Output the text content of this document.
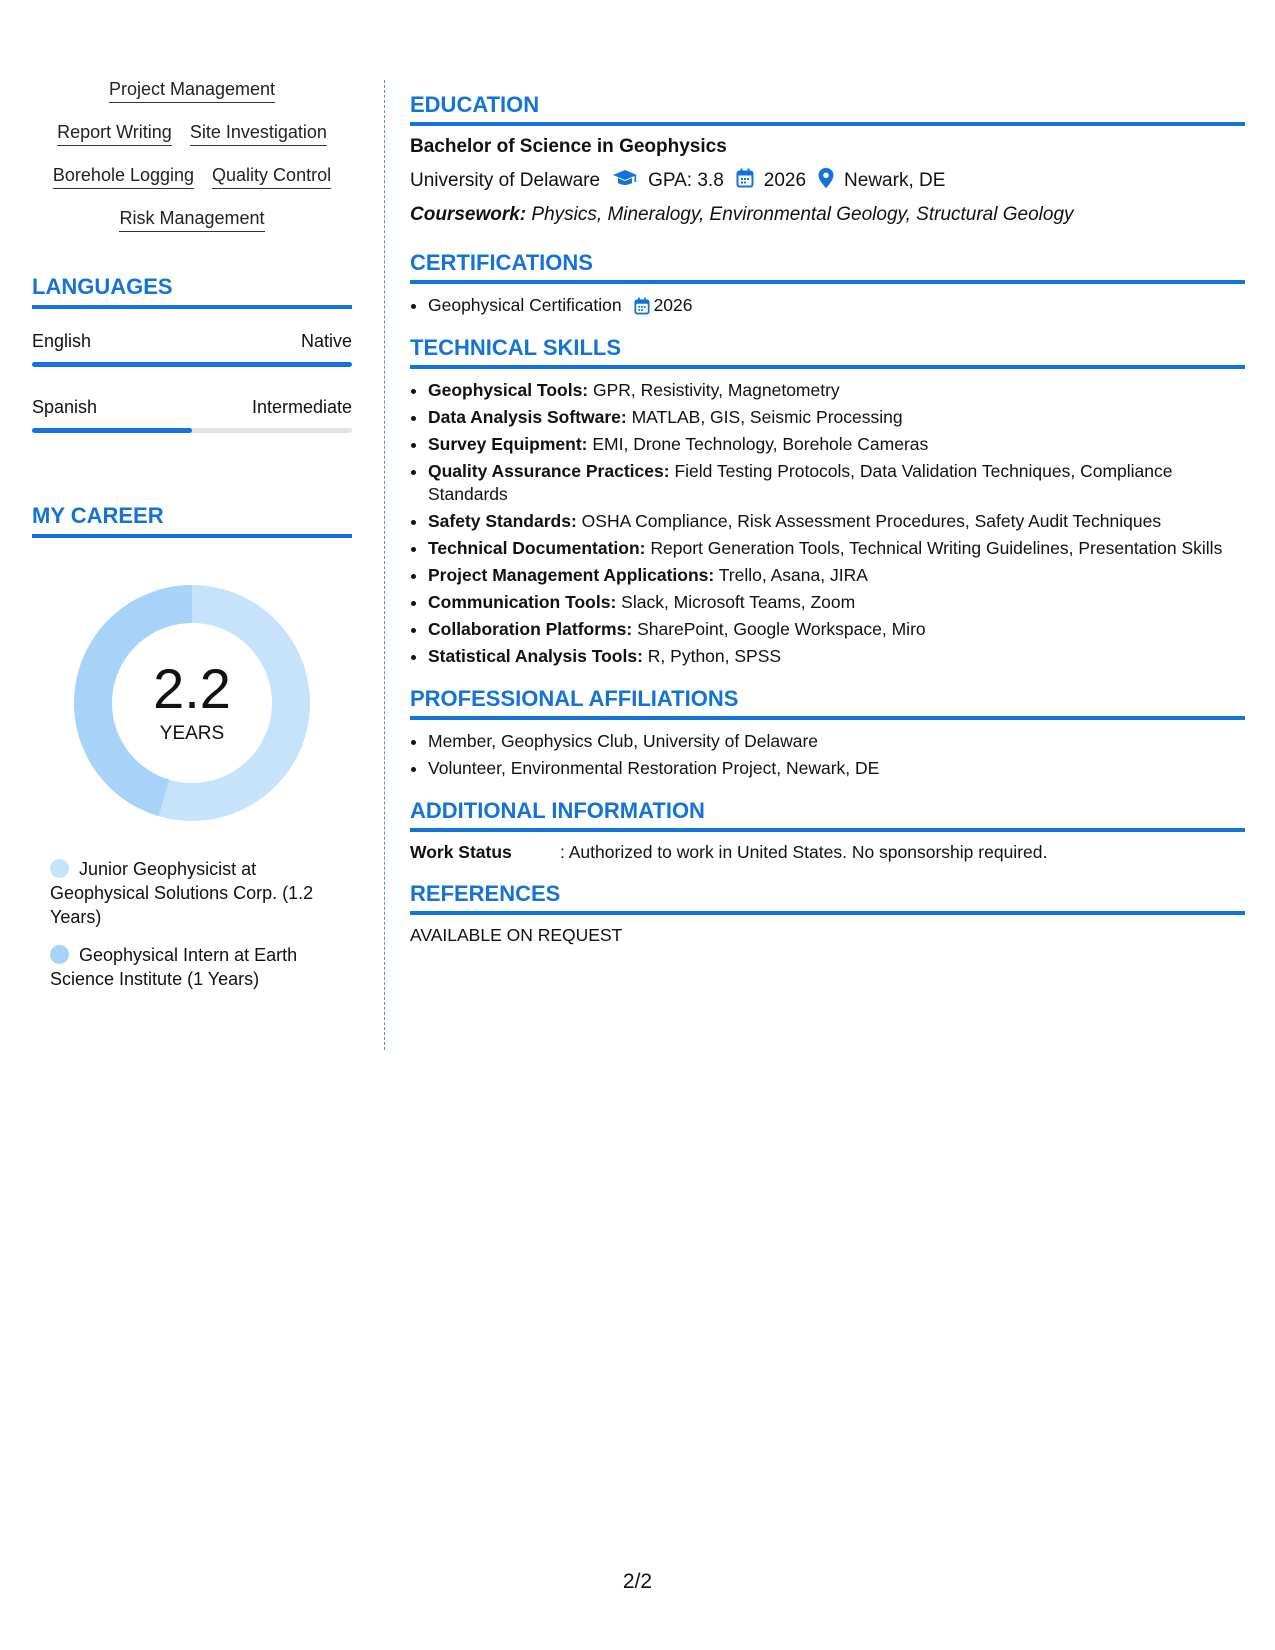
Project Management
Report Writing Site Investigation
Borehole Logging Quality Control
Risk Management
LANGUAGES
English	Native
Spanish	Intermediate
MY CAREER
2.2
YEARS
Junior Geophysicist at Geophysical Solutions Corp. (1.2 Years)
Geophysical Intern at Earth Science Institute (1 Years)
EDUCATION
Bachelor of Science in Geophysics
University of Delaware	GPA: 3.8 2026 Newark, DE
Coursework: Physics, Mineralogy, Environmental Geology, Structural Geology
CERTIFICATIONS
• Geophysical Certification 2026
TECHNICAL SKILLS
• Geophysical Tools: GPR, Resistivity, Magnetometry
• Data Analysis Software: MATLAB, GIS, Seismic Processing
• Survey Equipment: EMI, Drone Technology, Borehole Cameras
• Quality Assurance Practices: Field Testing Protocols, Data Validation Techniques, Compliance Standards
• Safety Standards: OSHA Compliance, Risk Assessment Procedures, Safety Audit Techniques
• Technical Documentation: Report Generation Tools, Technical Writing Guidelines, Presentation Skills
• Project Management Applications: Trello, Asana, JIRA
• Communication Tools: Slack, Microsoft Teams, Zoom
• Collaboration Platforms: SharePoint, Google Workspace, Miro
• Statistical Analysis Tools: R, Python, SPSS
PROFESSIONAL AFFILIATIONS
• Member, Geophysics Club, University of Delaware
• Volunteer, Environmental Restoration Project, Newark, DE
ADDITIONAL INFORMATION
Work Status	: Authorized to work in United States. No sponsorship required.
REFERENCES
AVAILABLE ON REQUEST
2/2
